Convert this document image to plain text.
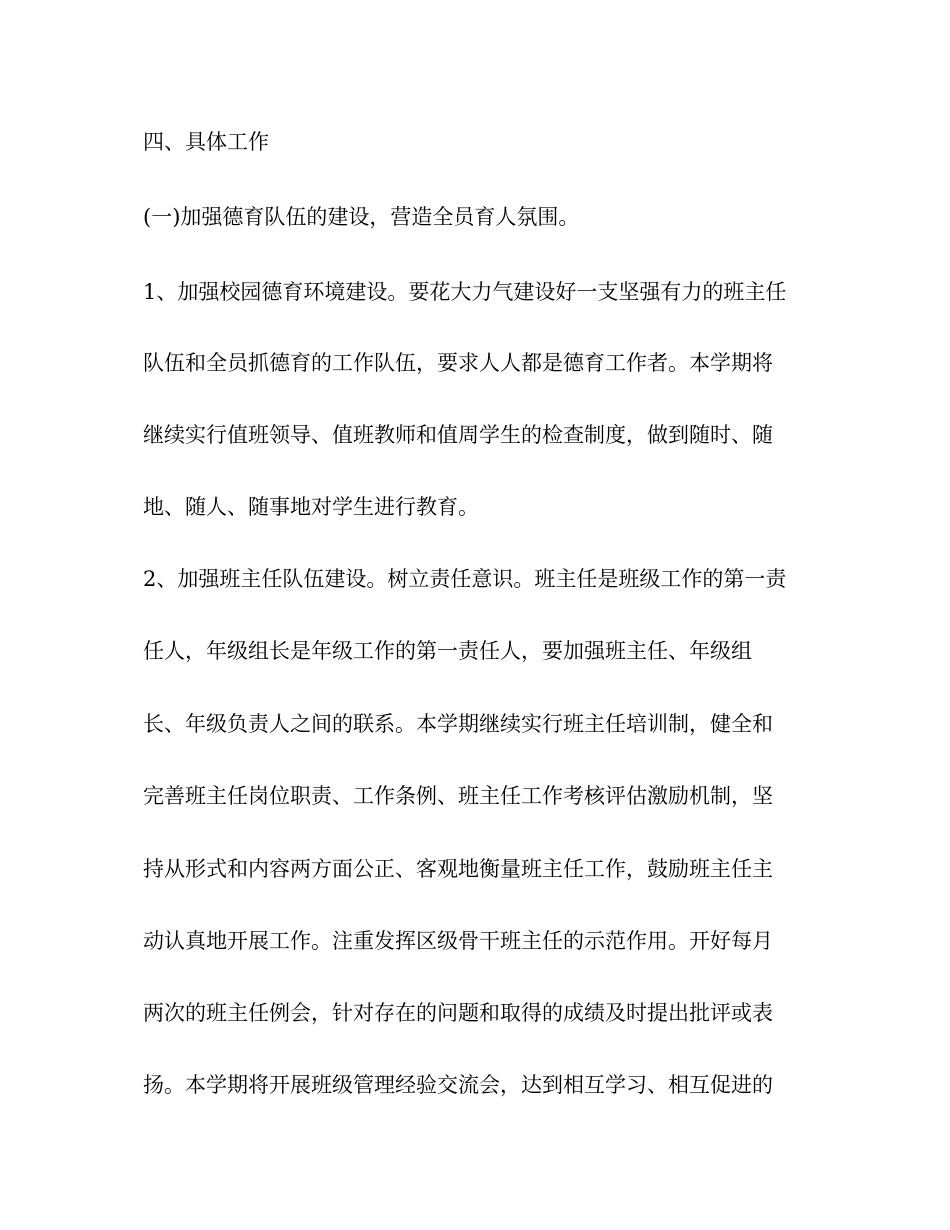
四、具体工作

(一)加强德育队伍的建设，营造全员育人氛围。

1、加强校园德育环境建设。要花大力气建设好一支坚强有力的班主任

队伍和全员抓德育的工作队伍，要求人人都是德育工作者。本学期将

继续实行值班领导、值班教师和值周学生的检查制度，做到随时、随

地、随人、随事地对学生进行教育。

2、加强班主任队伍建设。树立责任意识。班主任是班级工作的第一责

任人，年级组长是年级工作的第一责任人，要加强班主任、年级组

长、年级负责人之间的联系。本学期继续实行班主任培训制，健全和

完善班主任岗位职责、工作条例、班主任工作考核评估激励机制，坚

持从形式和内容两方面公正、客观地衡量班主任工作，鼓励班主任主

动认真地开展工作。注重发挥区级骨干班主任的示范作用。开好每月

两次的班主任例会，针对存在的问题和取得的成绩及时提出批评或表

扬。本学期将开展班级管理经验交流会，达到相互学习、相互促进的
